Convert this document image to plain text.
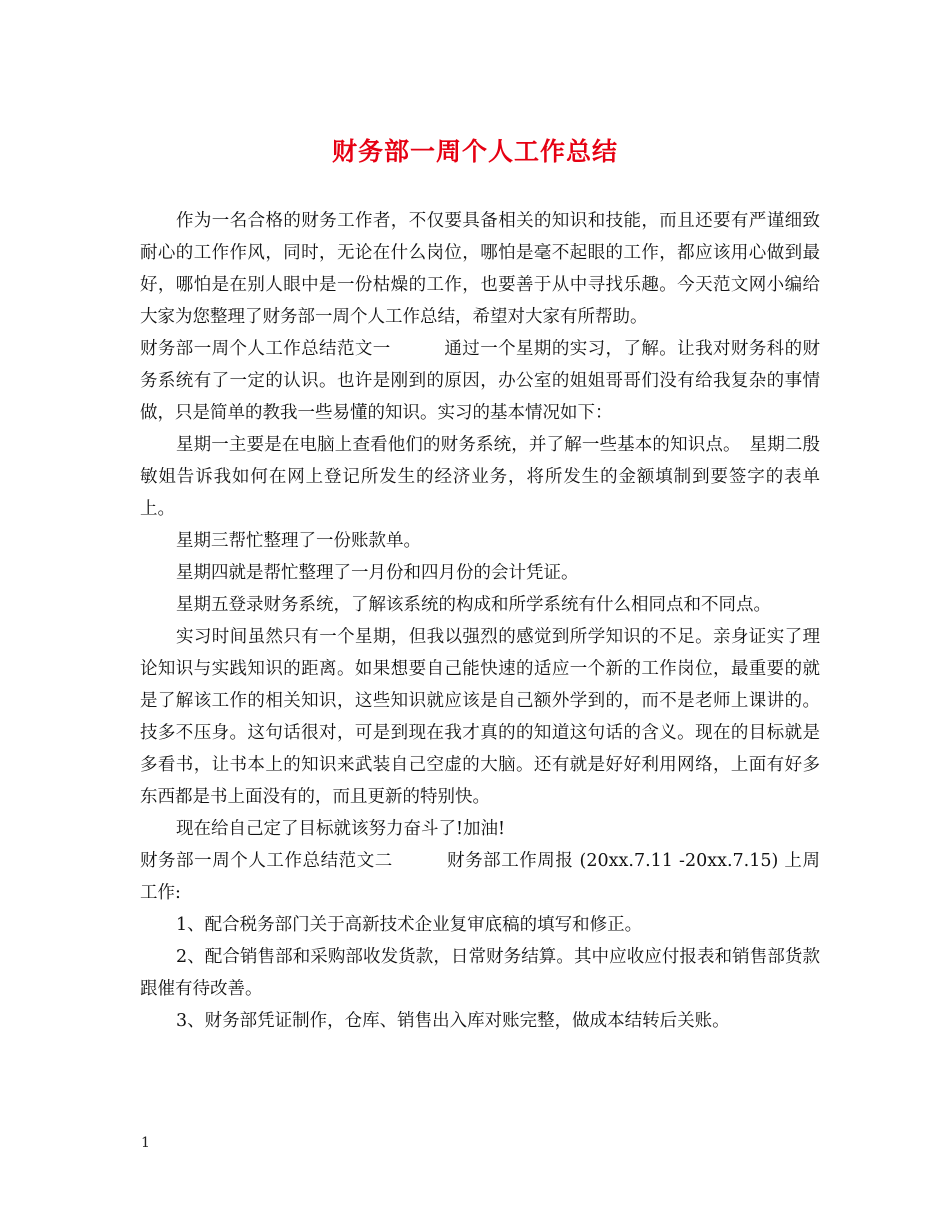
财务部一周个人工作总结

作为一名合格的财务工作者，不仅要具备相关的知识和技能，而且还要有严谨细致耐心的工作作风，同时，无论在什么岗位，哪怕是毫不起眼的工作，都应该用心做到最好，哪怕是在别人眼中是一份枯燥的工作，也要善于从中寻找乐趣。今天范文网小编给大家为您整理了财务部一周个人工作总结，希望对大家有所帮助。

财务部一周个人工作总结范文一　　　通过一个星期的实习，了解。让我对财务科的财务系统有了一定的认识。也许是刚到的原因，办公室的姐姐哥哥们没有给我复杂的事情做，只是简单的教我一些易懂的知识。实习的基本情况如下：

星期一主要是在电脑上查看他们的财务系统，并了解一些基本的知识点。　星期二殷敏姐告诉我如何在网上登记所发生的经济业务，将所发生的金额填制到要签字的表单上。

星期三帮忙整理了一份账款单。

星期四就是帮忙整理了一月份和四月份的会计凭证。

星期五登录财务系统，了解该系统的构成和所学系统有什么相同点和不同点。

实习时间虽然只有一个星期，但我以强烈的感觉到所学知识的不足。亲身证实了理论知识与实践知识的距离。如果想要自己能快速的适应一个新的工作岗位，最重要的就是了解该工作的相关知识，这些知识就应该是自己额外学到的，而不是老师上课讲的。技多不压身。这句话很对，可是到现在我才真的的知道这句话的含义。现在的目标就是多看书，让书本上的知识来武装自己空虚的大脑。还有就是好好利用网络，上面有好多东西都是书上面没有的，而且更新的特别快。

现在给自己定了目标就该努力奋斗了!加油!

财务部一周个人工作总结范文二　　　财务部工作周报 (20xx.7.11 -20xx.7.15) 上周工作:

1、配合税务部门关于高新技术企业复审底稿的填写和修正。

2、配合销售部和采购部收发货款，日常财务结算。其中应收应付报表和销售部货款跟催有待改善。

3、财务部凭证制作，仓库、销售出入库对账完整，做成本结转后关账。

1
